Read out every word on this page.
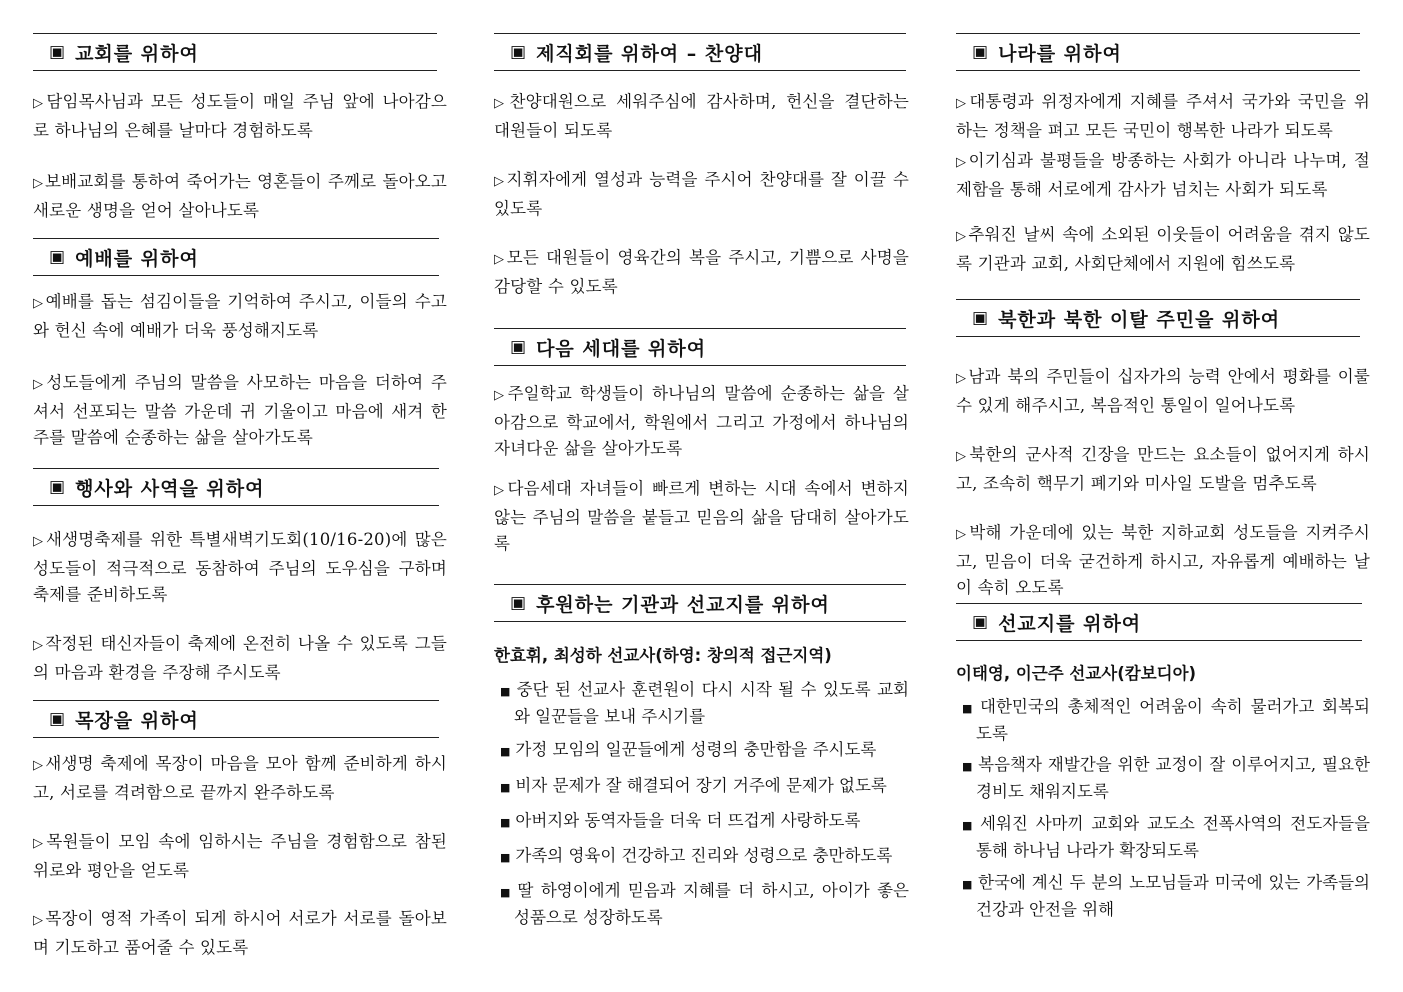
▣ 교회를 위하여
▷담임목사님과 모든 성도들이 매일 주님 앞에 나아감으로 하나님의 은혜를 날마다 경험하도록
▷보배교회를 통하여 죽어가는 영혼들이 주께로 돌아오고 새로운 생명을 얻어 살아나도록
▣ 예배를 위하여
▷예배를 돕는 섬김이들을 기억하여 주시고, 이들의 수고와 헌신 속에 예배가 더욱 풍성해지도록
▷성도들에게 주님의 말씀을 사모하는 마음을 더하여 주셔서 선포되는 말씀 가운데 귀 기울이고 마음에 새겨 한 주를 말씀에 순종하는 삶을 살아가도록
▣ 행사와 사역을 위하여
▷새생명축제를 위한 특별새벽기도회(10/16-20)에 많은 성도들이 적극적으로 동참하여 주님의 도우심을 구하며 축제를 준비하도록
▷작정된 태신자들이 축제에 온전히 나올 수 있도록 그들의 마음과 환경을 주장해 주시도록
▣ 목장을 위하여
▷새생명 축제에 목장이 마음을 모아 함께 준비하게 하시고, 서로를 격려함으로 끝까지 완주하도록
▷목원들이 모임 속에 임하시는 주님을 경험함으로 참된 위로와 평안을 얻도록
▷목장이 영적 가족이 되게 하시어 서로가 서로를 돌아보며 기도하고 품어줄 수 있도록
▣ 제직회를 위하여 – 찬양대
▷찬양대원으로 세워주심에 감사하며, 헌신을 결단하는 대원들이 되도록
▷지휘자에게 열성과 능력을 주시어 찬양대를 잘 이끌 수 있도록
▷모든 대원들이 영육간의 복을 주시고, 기쁨으로 사명을 감당할 수 있도록
▣ 다음 세대를 위하여
▷주일학교 학생들이 하나님의 말씀에 순종하는 삶을 살아감으로 학교에서, 학원에서 그리고 가정에서 하나님의 자녀다운 삶을 살아가도록
▷다음세대 자녀들이 빠르게 변하는 시대 속에서 변하지 않는 주님의 말씀을 붙들고 믿음의 삶을 담대히 살아가도록
▣ 후원하는 기관과 선교지를 위하여
한효휘, 최성하 선교사(하영: 창의적 접근지역)
■ 중단 된 선교사 훈련원이 다시 시작 될 수 있도록 교회와 일꾼들을 보내 주시기를
■ 가정 모임의 일꾼들에게 성령의 충만함을 주시도록
■ 비자 문제가 잘 해결되어 장기 거주에 문제가 없도록
■ 아버지와 동역자들을 더욱 더 뜨겁게 사랑하도록
■ 가족의 영육이 건강하고 진리와 성령으로 충만하도록
■ 딸 하영이에게 믿음과 지혜를 더 하시고, 아이가 좋은 성품으로 성장하도록
▣ 나라를 위하여
▷대통령과 위정자에게 지혜를 주셔서 국가와 국민을 위하는 정책을 펴고 모든 국민이 행복한 나라가 되도록
▷이기심과 불평들을 방종하는 사회가 아니라 나누며, 절제함을 통해 서로에게 감사가 넘치는 사회가 되도록
▷추워진 날씨 속에 소외된 이웃들이 어려움을 겪지 않도록 기관과 교회, 사회단체에서 지원에 힘쓰도록
▣ 북한과 북한 이탈 주민을 위하여
▷남과 북의 주민들이 십자가의 능력 안에서 평화를 이룰 수 있게 해주시고, 복음적인 통일이 일어나도록
▷북한의 군사적 긴장을 만드는 요소들이 없어지게 하시고, 조속히 핵무기 폐기와 미사일 도발을 멈추도록
▷박해 가운데에 있는 북한 지하교회 성도들을 지켜주시고, 믿음이 더욱 굳건하게 하시고, 자유롭게 예배하는 날이 속히 오도록
▣ 선교지를 위하여
이태영, 이근주 선교사(캄보디아)
■ 대한민국의 총체적인 어려움이 속히 물러가고 회복되도록
■ 복음책자 재발간을 위한 교정이 잘 이루어지고, 필요한 경비도 채워지도록
■ 세워진 사마끼 교회와 교도소 전폭사역의 전도자들을 통해 하나님 나라가 확장되도록
■ 한국에 계신 두 분의 노모님들과 미국에 있는 가족들의 건강과 안전을 위해
